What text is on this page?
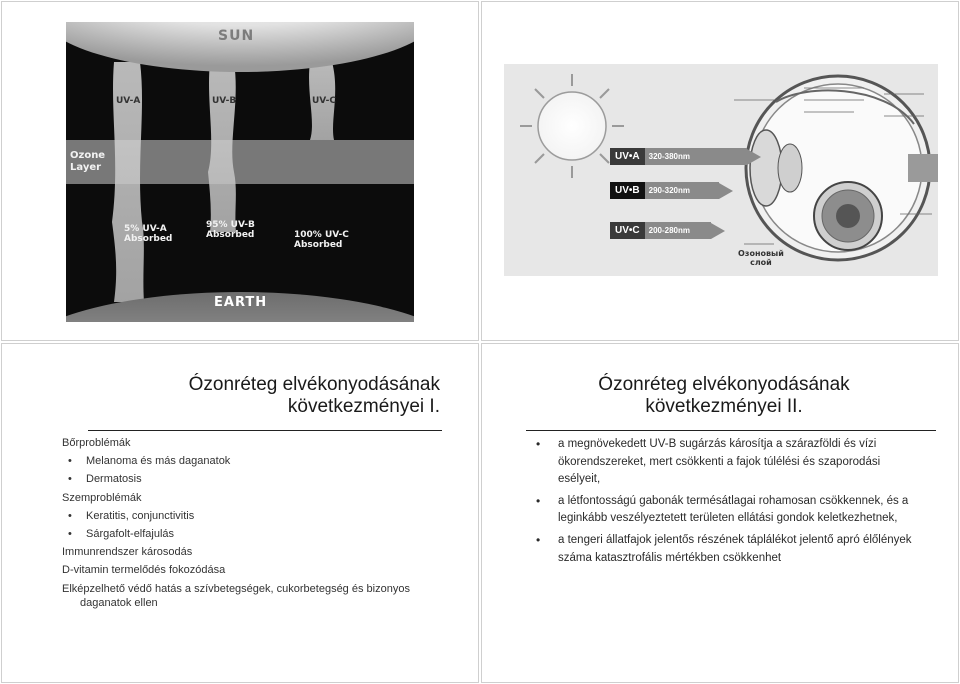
SUN
Ozone
Layer
UV-A	UV-B	UV-C
5% UV-A
Absorbed
95% UV-B
Absorbed	100% UV-C
Absorbed
EARTH
UV•A	320-380nm
UV•B	290-320nm
UV•C	200-280nm
Озоновый
слой
Ózonréteg elvékonyodásának
következményei I.
Bőrproblémák
• Melanoma és más daganatok
• Dermatosis
Szemproblémák
• Keratitis, conjunctivitis
• Sárgafolt-elfajulás
Immunrendszer károsodás
D-vitamin termelődés fokozódása
Elképzelhető védő hatás a szívbetegségek, cukorbetegség és bizonyos daganatok ellen
Ózonréteg elvékonyodásának
következményei II.
• a megnövekedett UV-B sugárzás károsítja a szárazföldi és vízi ökorendszereket, mert csökkenti a fajok túlélési és szaporodási esélyeit,
• a létfontosságú gabonák termésátlagai rohamosan csökkennek, és a leginkább veszélyeztetett területen ellátási gondok keletkezhetnek,
• a tengeri állatfajok jelentős részének táplálékot jelentő apró élőlények száma katasztrofális mértékben csökkenhet
